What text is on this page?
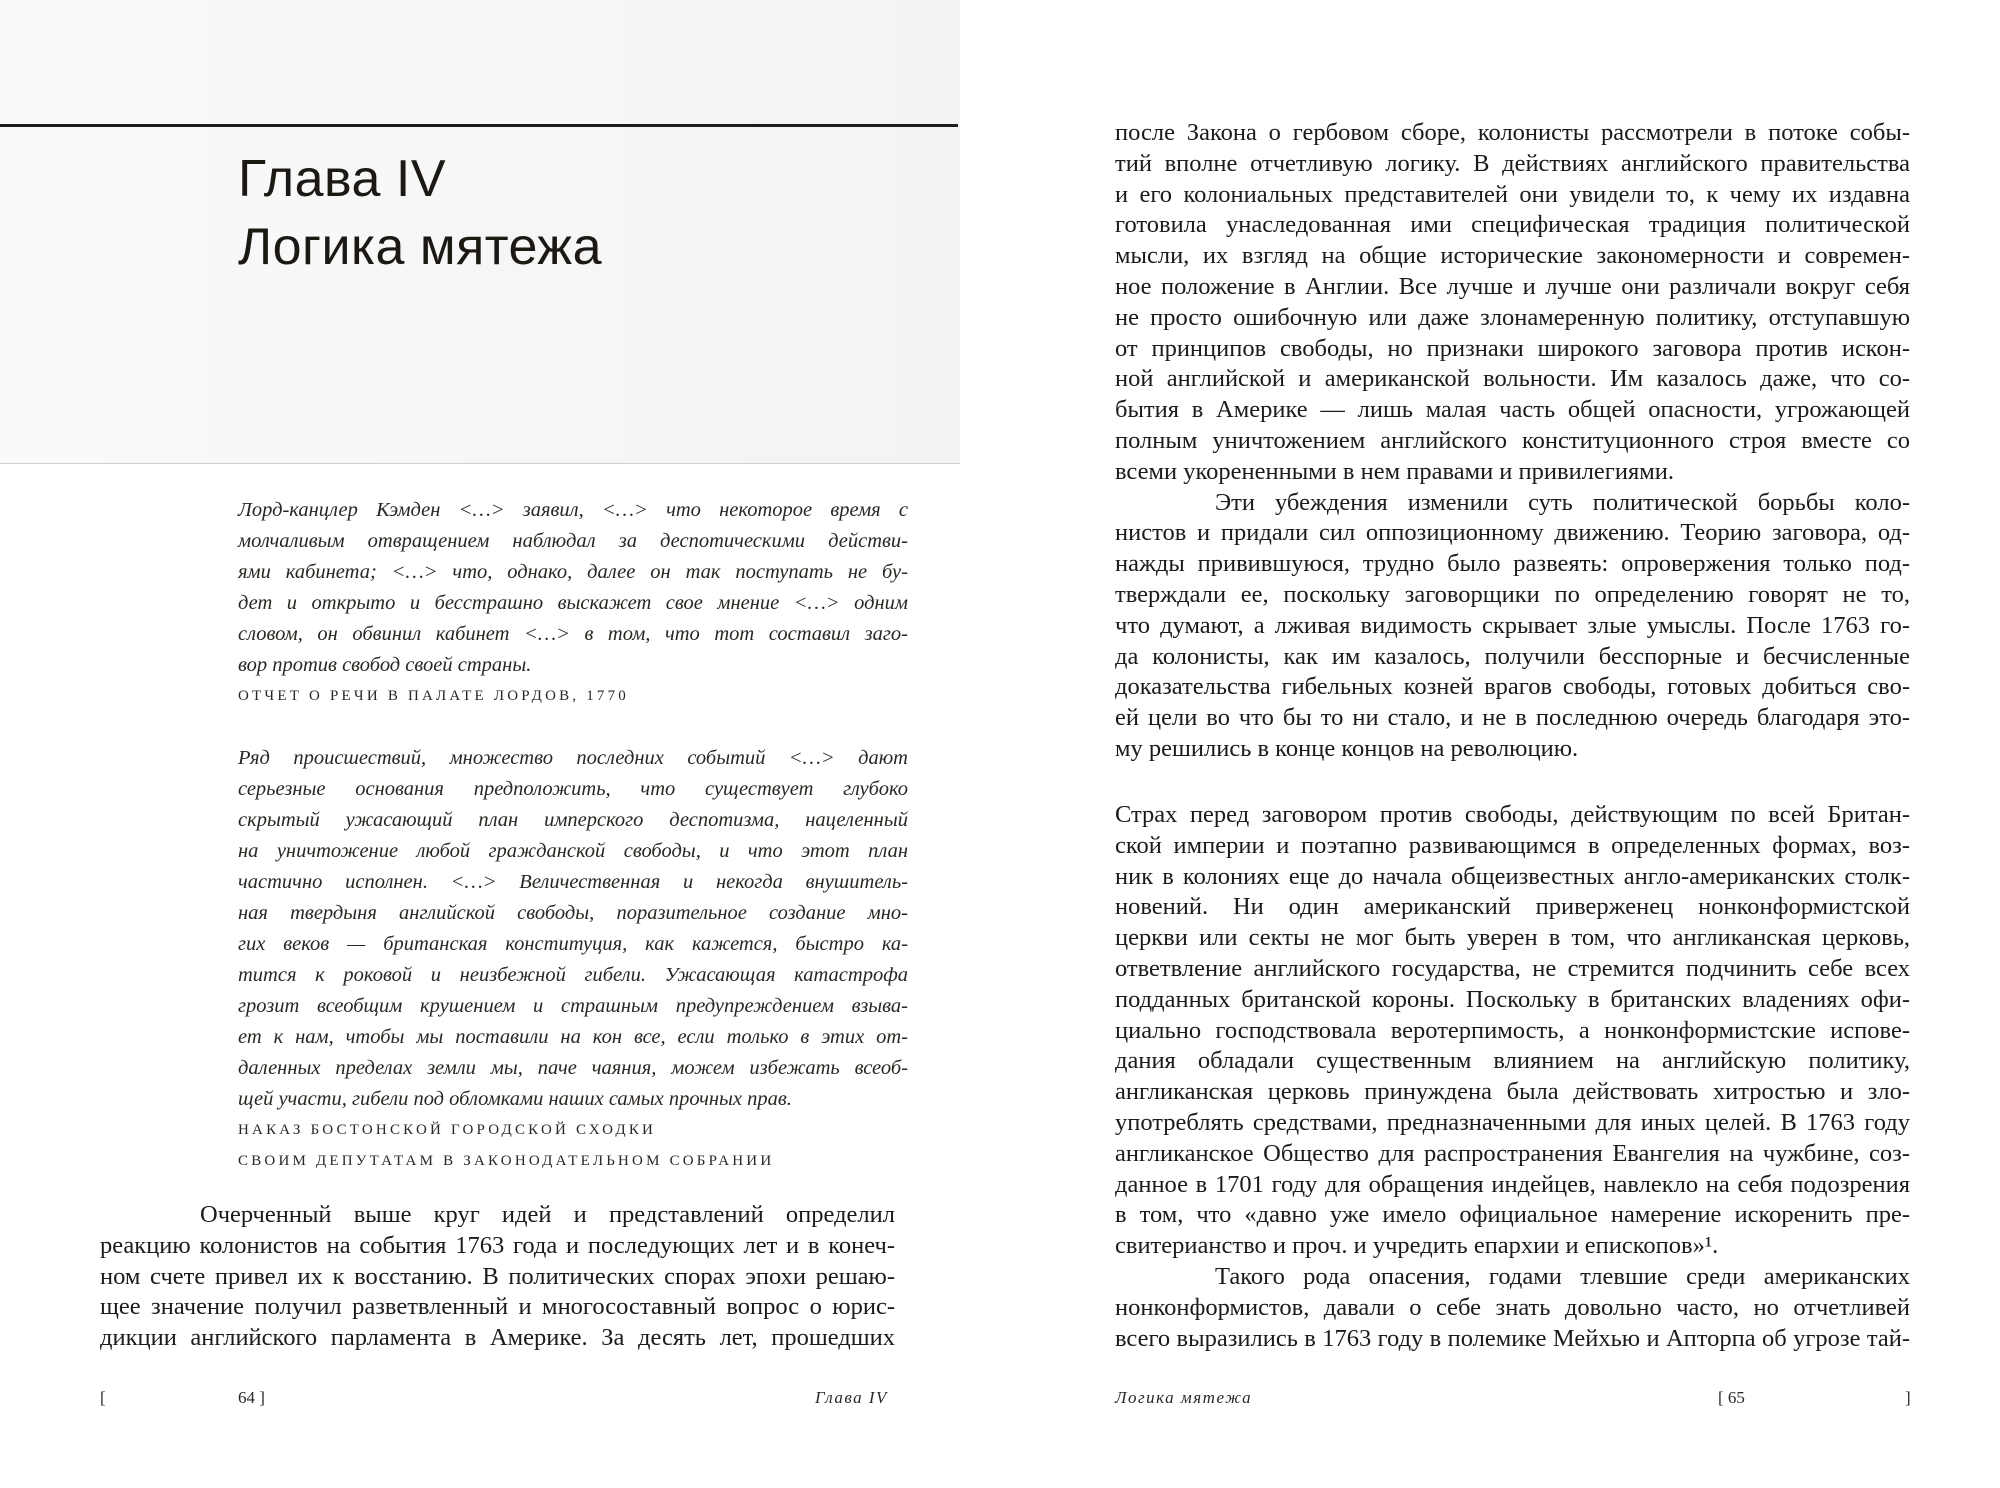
Глава IV
Логика мятежа
Лорд-канцлер Кэмден <…> заявил, <…> что некоторое время с
молчаливым отвращением наблюдал за деспотическими действи-
ями кабинета; <…> что, однако, далее он так поступать не бу-
дет и открыто и бесстрашно выскажет свое мнение <…> одним
словом, он обвинил кабинет <…> в том, что тот составил загo-
вор против свобод своей страны.
ОТЧЕТ О РЕЧИ В ПАЛАТЕ ЛОРДОВ, 1770
Ряд происшествий, множество последних событий <…> дают
серьезные основания предположить, что существует глубоко
скрытый ужасающий план имперского деспотизма, нацеленный
на уничтожение любой гражданской свободы, и что этот план
частично исполнен. <…> Величественная и некогда внушитель-
ная твердыня английской свободы, поразительное создание мно-
гих веков — британская конституция, как кажется, быстро ка-
тится к роковой и неизбежной гибели. Ужасающая катастрофа
грозит всеобщим крушением и страшным предупреждением взыва-
ет к нам, чтобы мы поставили на кон все, если только в этих от-
даленных пределах земли мы, паче чаяния, можем избежать всеоб-
щей участи, гибели под обломками наших самых прочных прав.
НАКАЗ БОСТОНСКОЙ ГОРОДСКОЙ СХОДКИ
СВОИМ ДЕПУТАТАМ В ЗАКОНОДАТЕЛЬНОМ СОБРАНИИ
Очерченный выше круг идей и представлений определил
реакцию колонистов на события 1763 года и последующих лет и в конеч-
ном счете привел их к восстанию. В политических спорах эпохи решаю-
щее значение получил разветвленный и многосоставный вопрос о юрис-
дикции английского парламента в Америке. За десять лет, прошедших
[	64 ]	Глава IV
после Закона о гербовом сборе, колонисты рассмотрели в потоке собы-
тий вполне отчетливую логику. В действиях английского правительства
и его колониальных представителей они увидели то, к чему их издавна
готовила унаследованная ими специфическая традиция политической
мысли, их взгляд на общие исторические закономерности и современ-
ное положение в Англии. Все лучше и лучше они различали вокруг себя
не просто ошибочную или даже злонамеренную политику, отступавшую
от принципов свободы, но признаки широкого заговора против искон-
ной английской и американской вольности. Им казалось даже, что со-
бытия в Америке — лишь малая часть общей опасности, угрожающей
полным уничтожением английского конституционного строя вместе со
всеми укорененными в нем правами и привилегиями.
Эти убеждения изменили суть политической борьбы коло-
нистов и придали сил оппозиционному движению. Теорию заговора, од-
нажды привившуюся, трудно было развеять: опровержения только под-
тверждали ее, поскольку заговорщики по определению говорят не то,
что думают, а лживая видимость скрывает злые умыслы. После 1763 го-
да колонисты, как им казалось, получили бесспорные и бесчисленные
доказательства гибельных козней врагов свободы, готовых добиться сво-
ей цели во что бы то ни стало, и не в последнюю очередь благодаря это-
му решились в конце концов на революцию.
Страх перед заговором против свободы, действующим по всей Британ-
ской империи и поэтапно развивающимся в определенных формах, воз-
ник в колониях еще до начала общеизвестных англо-американских столк-
новений. Ни один американский приверженец нонконформистской
церкви или секты не мог быть уверен в том, что англиканская церковь,
ответвление английского государства, не стремится подчинить себе всех
подданных британской короны. Поскольку в британских владениях офи-
циально господствовала веротерпимость, а нонконформистские испове-
дания обладали существенным влиянием на английскую политику,
англиканская церковь принуждена была действовать хитростью и зло-
употреблять средствами, предназначенными для иных целей. В 1763 году
англиканское Общество для распространения Евангелия на чужбине, соз-
данное в 1701 году для обращения индейцев, навлекло на себя подозрения
в том, что «давно уже имело официальное намерение искоренить пре-
свитерианство и проч. и учредить епархии и епископов»¹.
Такого рода опасения, годами тлевшие среди американских
нонконформистов, давали о себе знать довольно часто, но отчетливей
всего выразились в 1763 году в полемике Мейхью и Апторпа об угрозе тай-
Логика мятежа	[ 65	]
